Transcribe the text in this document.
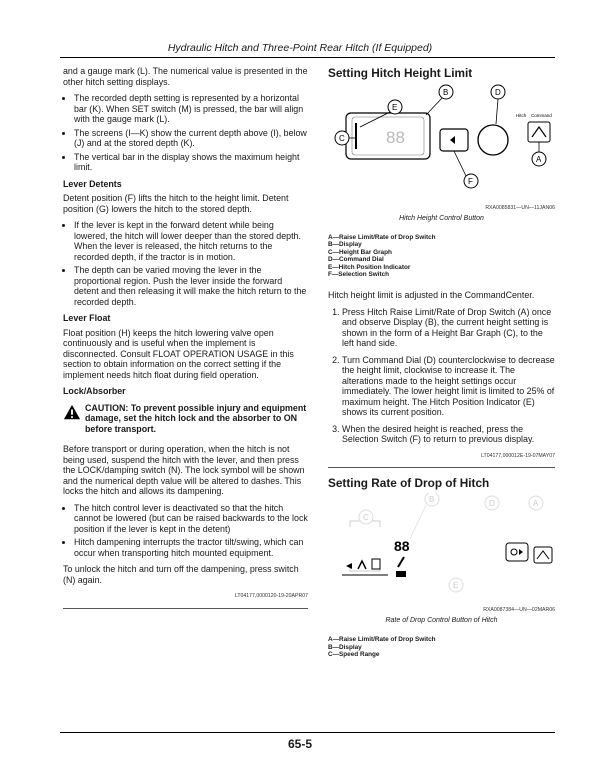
Hydraulic Hitch and Three-Point Rear Hitch (If Equipped)

and a gauge mark (L). The numerical value is presented in the other hitch setting displays.

• The recorded depth setting is represented by a horizontal bar (K). When SET switch (M) is pressed, the bar will align with the gauge mark (L).
• The screens (I—K) show the current depth above (I), below (J) and at the stored depth (K).
• The vertical bar in the display shows the maximum height limit.
Lever Detents

Detent position (F) lifts the hitch to the height limit. Detent position (G) lowers the hitch to the stored depth.

• If the lever is kept in the forward detent while being lowered, the hitch will lower deeper than the stored depth. When the lever is released, the hitch returns to the recorded depth, if the tractor is in motion.
• The depth can be varied moving the lever in the proportional region. Push the lever inside the forward detent and then releasing it will make the hitch return to the recorded depth.
Lever Float

Float position (H) keeps the hitch lowering valve open continuously and is useful when the implement is disconnected. Consult FLOAT OPERATION USAGE in this section to obtain information on the correct setting if the implement needs hitch float during field operation.

Lock/Absorber
CAUTION: To prevent possible injury and equipment damage, set the hitch lock and the absorber to ON before transport.

Before transport or during operation, when the hitch is not being used, suspend the hitch with the lever, and then press the LOCK/damping switch (N). The lock symbol will be shown and the numerical depth value will be altered to dashes. This locks the hitch and allows its dampening.

• The hitch control lever is deactivated so that the hitch cannot be lowered (but can be raised backwards to the lock position if the lever is kept in the detent)
• Hitch dampening interrupts the tractor tilt/swing, which can occur when transporting hitch mounted equipment.

To unlock the hitch and turn off the dampening, press switch (N) again.

LT04177,0000120-19-20APR07
Setting Hitch Height Limit
88
Hitch Command
B	D
E
C
F
A

RXA0085831—UN—11JAN06

Hitch Height Control Button

A—Raise Limit/Rate of Drop Switch
B—Display
C—Height Bar Graph
D—Command Dial
E—Hitch Position Indicator
F—Selection Switch

Hitch height limit is adjusted in the CommandCenter.

1. Press Hitch Raise Limit/Rate of Drop Switch (A) once and observe Display (B), the current height setting is shown in the form of a Height Bar Graph (C), to the left hand side.
2. Turn Command Dial (D) counterclockwise to decrease the height limit, clockwise to increase it. The alterations made to the height settings occur immediately. The lower height limit is limited to 25% of maximum height. The Hitch Position Indicator (E) shows its current position.
3. When the desired height is reached, press the Selection Switch (F) to return to previous display.
LT04177,000012E-19-07MAY07
Setting Rate of Drop of Hitch
88
B	D	A
C
E

RXA0087384—UN—02MAR06

Rate of Drop Control Button of Hitch

A—Raise Limit/Rate of Drop Switch
B—Display
C—Speed Range
65-5
